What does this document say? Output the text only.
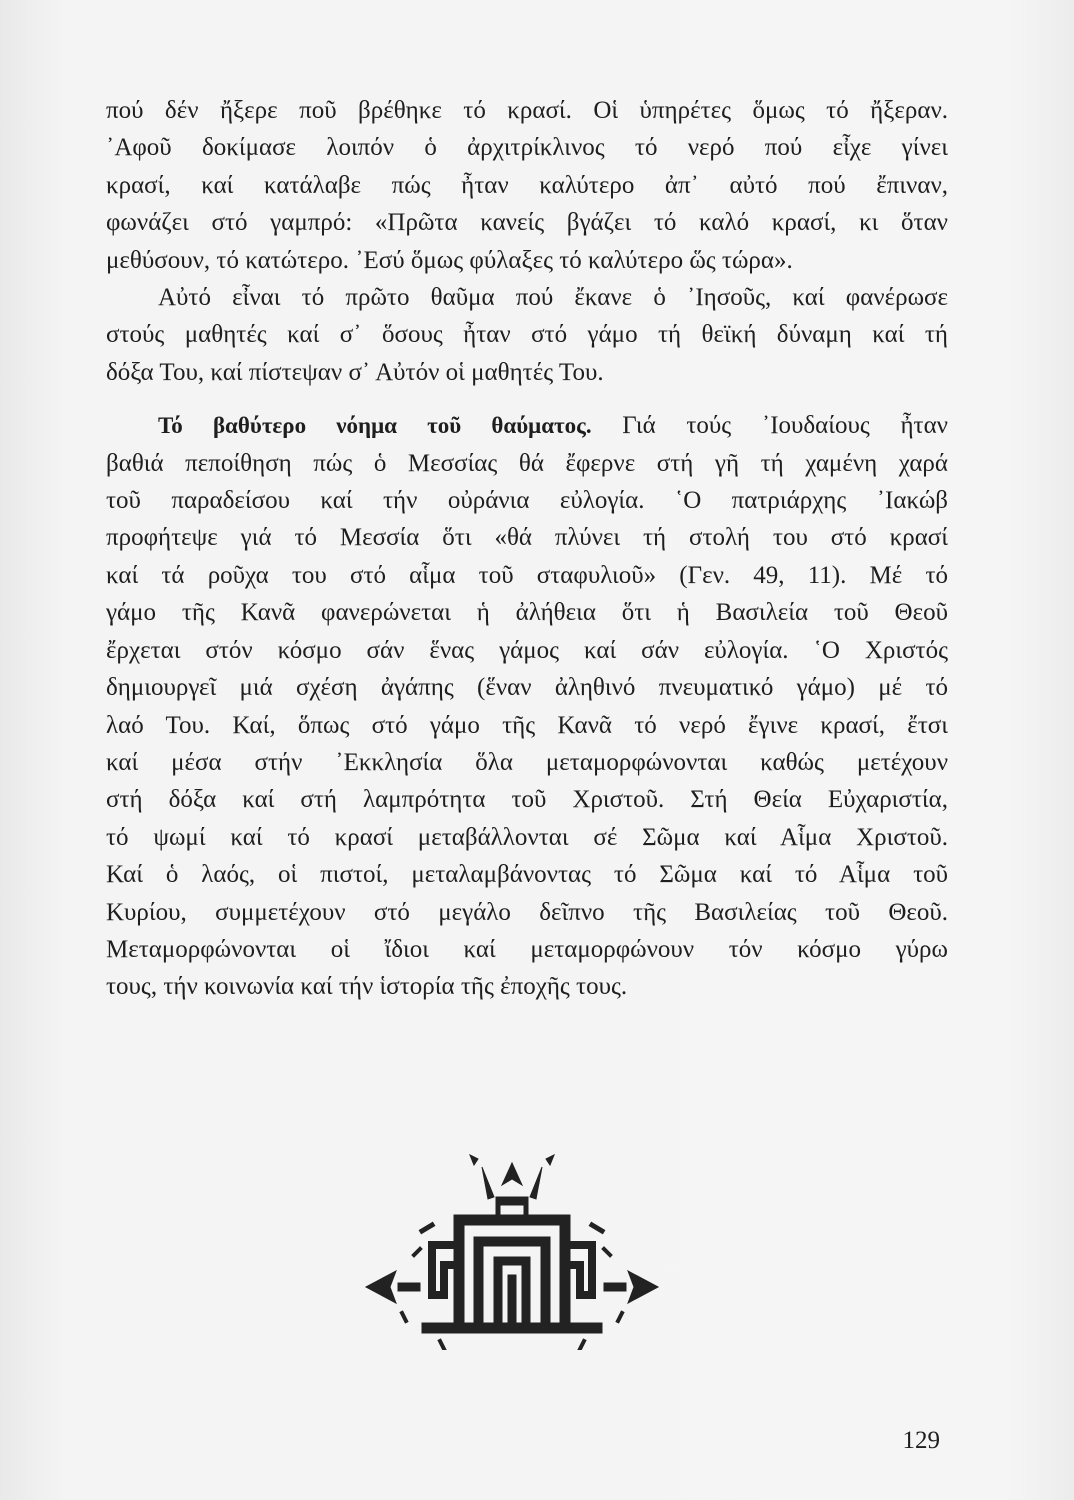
πού δέν ἤξερε ποῦ βρέθηκε τό κρασί. Οἱ ὑπηρέτες ὅμως τό ἤξεραν.

᾿Αφοῦ δοκίμασε λοιπόν ὁ ἀρχιτρίκλινος τό νερό πού εἶχε γίνει

κρασί, καί κατάλαβε πώς ἦταν καλύτερο ἀπ᾿ αὐτό πού ἔπιναν,

φωνάζει στό γαμπρό: «Πρῶτα κανείς βγάζει τό καλό κρασί, κι ὅταν

μεθύσουν, τό κατώτερο. ᾿Εσύ ὅμως φύλαξες τό καλύτερο ὥς τώρα».

Αὐτό εἶναι τό πρῶτο θαῦμα πού ἔκανε ὁ ᾿Ιησοῦς, καί φανέρωσε

στούς μαθητές καί σ᾿ ὅσους ἦταν στό γάμο τή θεϊκή δύναμη καί τή

δόξα Του, καί πίστεψαν σ᾿ Αὐτόν οἱ μαθητές Του.

Τό βαθύτερο νόημα τοῦ θαύματος. Γιά τούς ᾿Ιουδαίους ἦταν

βαθιά πεποίθηση πώς ὁ Μεσσίας θά ἔφερνε στή γῆ τή χαμένη χαρά

τοῦ παραδείσου καί τήν οὐράνια εὐλογία. ῾Ο πατριάρχης ᾿Ιακώβ

προφήτεψε γιά τό Μεσσία ὅτι «θά πλύνει τή στολή του στό κρασί

καί τά ροῦχα του στό αἷμα τοῦ σταφυλιοῦ» (Γεν. 49, 11). Μέ τό

γάμο τῆς Κανᾶ φανερώνεται ἡ ἀλήθεια ὅτι ἡ Βασιλεία τοῦ Θεοῦ

ἔρχεται στόν κόσμο σάν ἕνας γάμος καί σάν εὐλογία. ῾Ο Χριστός

δημιουργεῖ μιά σχέση ἀγάπης (ἕναν ἀληθινό πνευματικό γάμο) μέ τό

λαό Του. Καί, ὅπως στό γάμο τῆς Κανᾶ τό νερό ἔγινε κρασί, ἔτσι

καί μέσα στήν ᾿Εκκλησία ὅλα μεταμορφώνονται καθώς μετέχουν

στή δόξα καί στή λαμπρότητα τοῦ Χριστοῦ. Στή Θεία Εὐχαριστία,

τό ψωμί καί τό κρασί μεταβάλλονται σέ Σῶμα καί Αἷμα Χριστοῦ.

Καί ὁ λαός, οἱ πιστοί, μεταλαμβάνοντας τό Σῶμα καί τό Αἷμα τοῦ

Κυρίου, συμμετέχουν στό μεγάλο δεῖπνο τῆς Βασιλείας τοῦ Θεοῦ.

Μεταμορφώνονται οἱ ἴδιοι καί μεταμορφώνουν τόν κόσμο γύρω

τους, τήν κοινωνία καί τήν ἱστορία τῆς ἐποχῆς τους.

129
